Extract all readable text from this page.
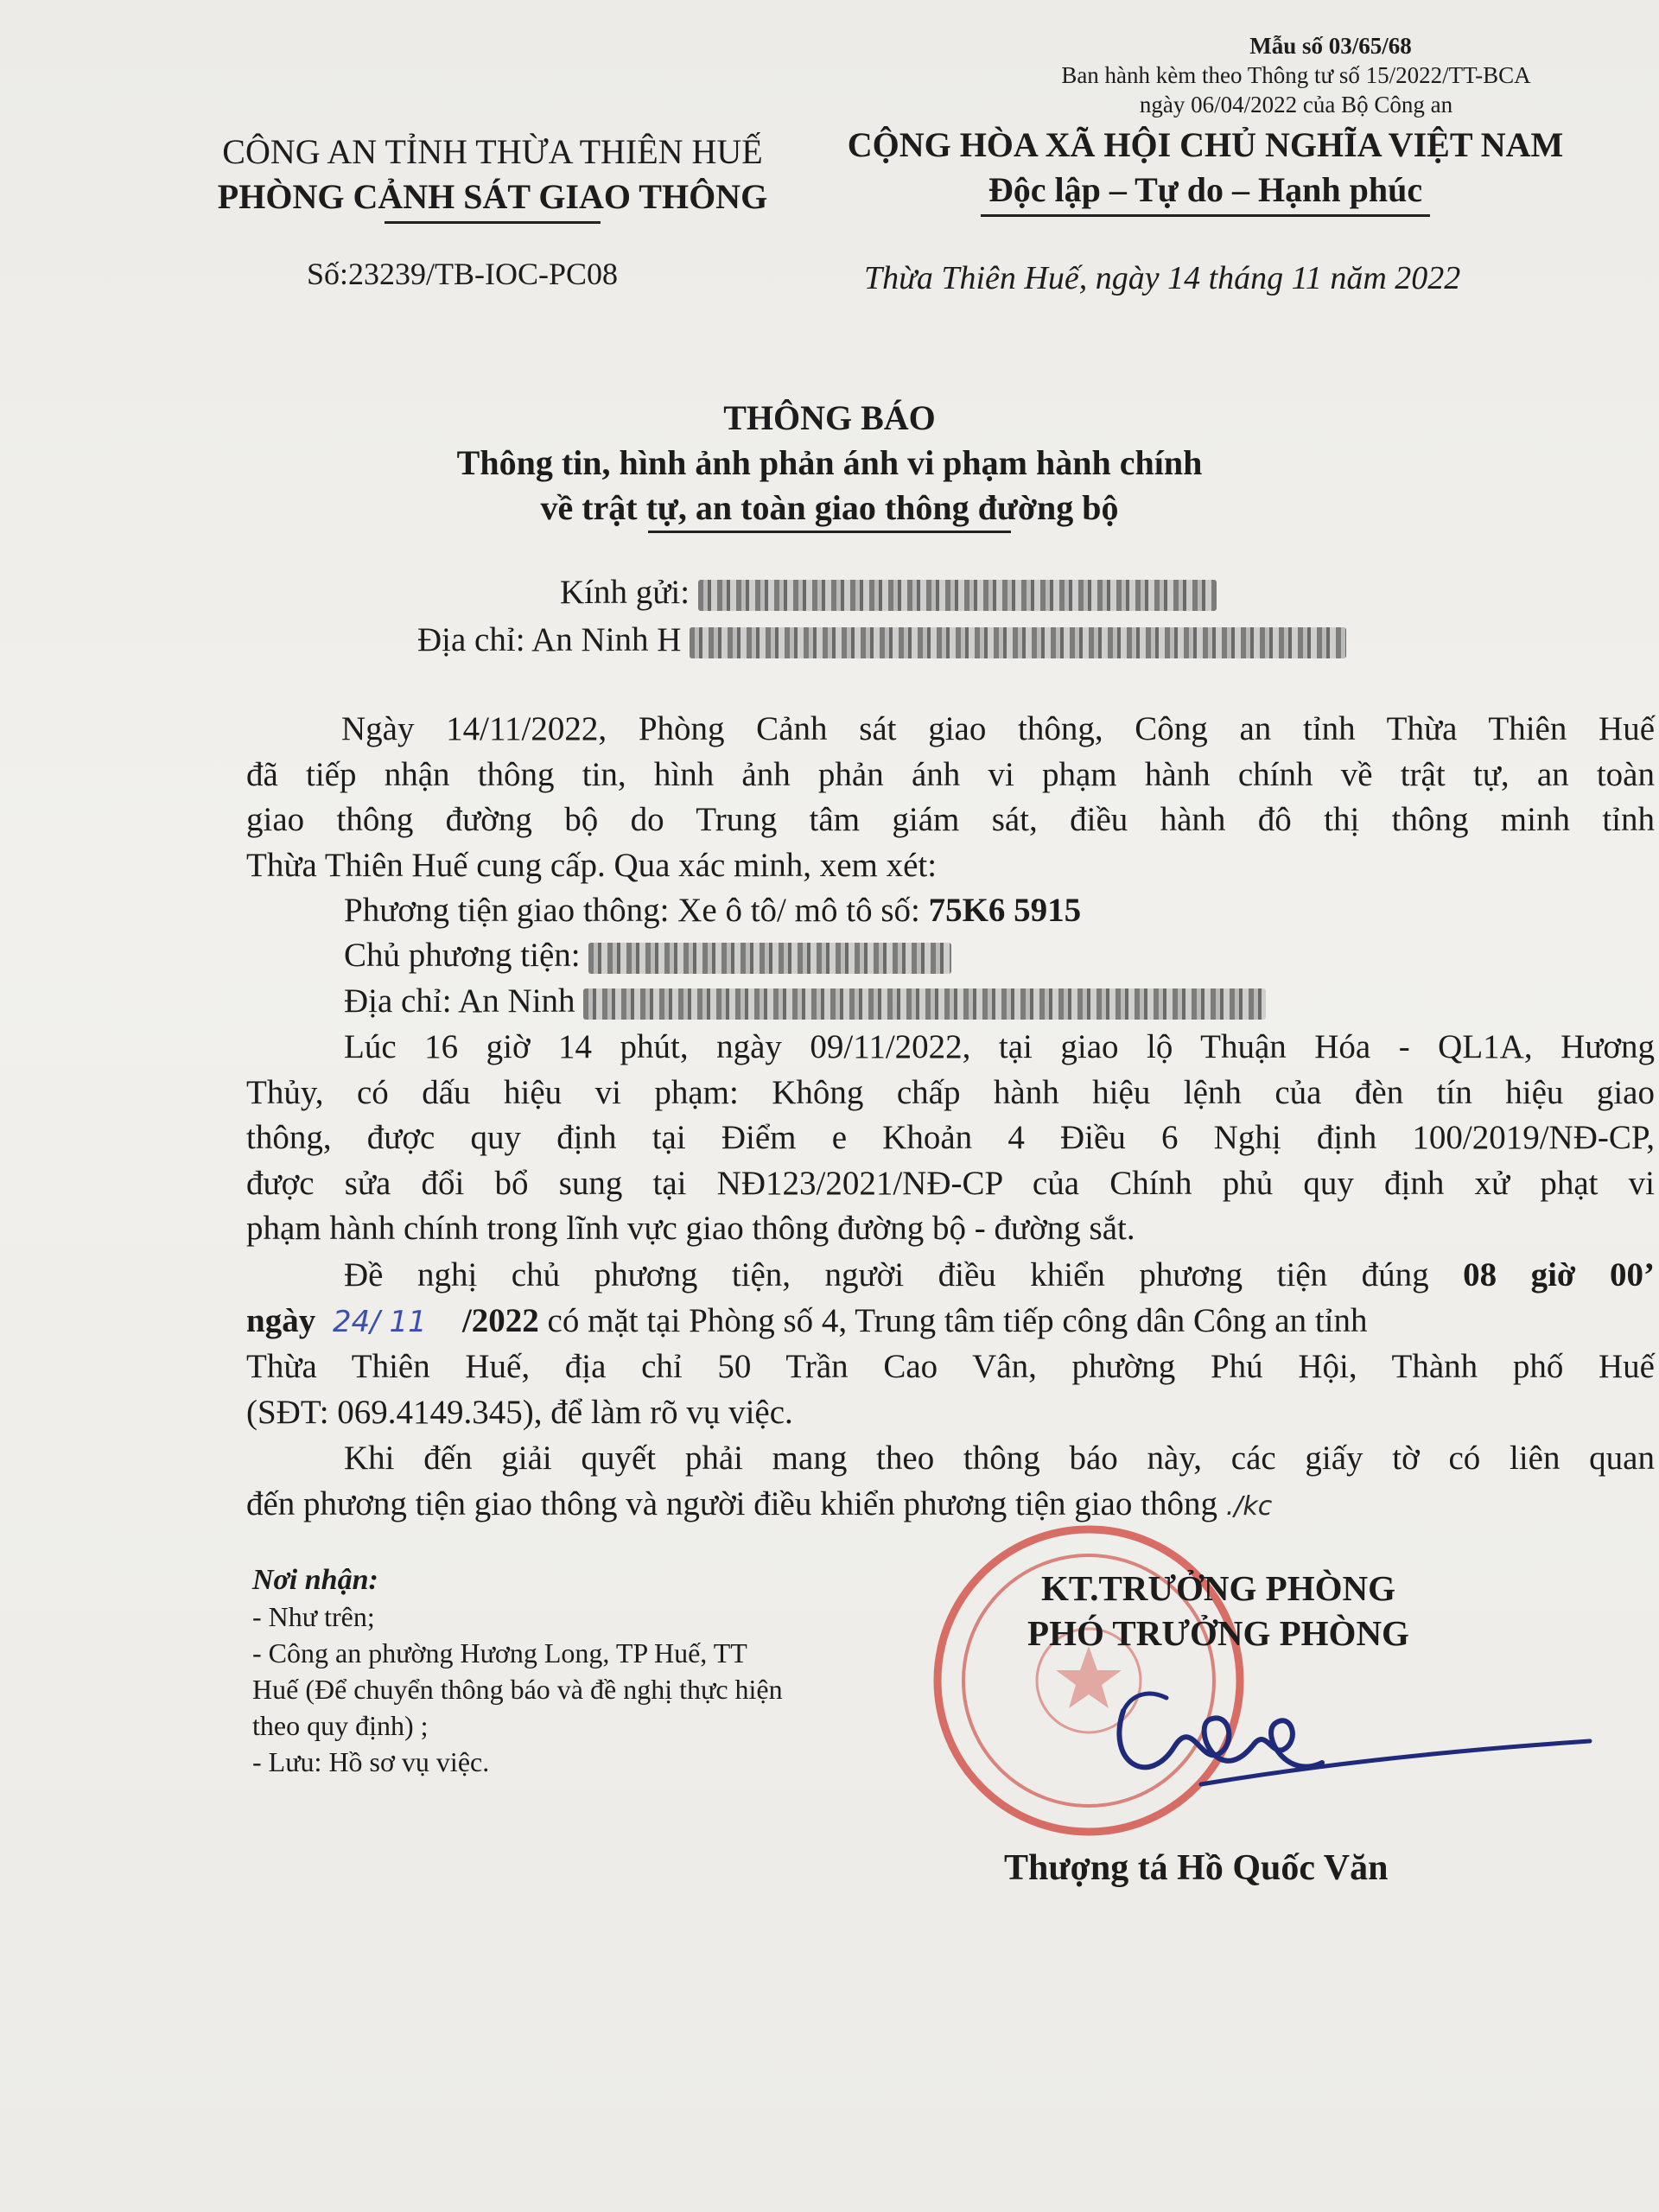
Mẫu số 03/65/68
Ban hành kèm theo Thông tư số 15/2022/TT-BCA
ngày 06/04/2022 của Bộ Công an
CÔNG AN TỈNH THỪA THIÊN HUẾ
PHÒNG CẢNH SÁT GIAO THÔNG
Số:23239/TB-IOC-PC08
CỘNG HÒA XÃ HỘI CHỦ NGHĨA VIỆT NAM
Độc lập – Tự do – Hạnh phúc
Thừa Thiên Huế, ngày 14 tháng 11 năm 2022
THÔNG BÁO
Thông tin, hình ảnh phản ánh vi phạm hành chính
về trật tự, an toàn giao thông đường bộ
Kính gửi:
Địa chỉ: An Ninh H
Ngày 14/11/2022, Phòng Cảnh sát giao thông, Công an tỉnh Thừa Thiên Huế
đã tiếp nhận thông tin, hình ảnh phản ánh vi phạm hành chính về trật tự, an toàn
giao thông đường bộ do Trung tâm giám sát, điều hành đô thị thông minh tỉnh
Thừa Thiên Huế cung cấp. Qua xác minh, xem xét:
Phương tiện giao thông: Xe ô tô/ mô tô số: 75K6 5915
Chủ phương tiện:
Địa chỉ: An Ninh
Lúc 16 giờ 14 phút, ngày 09/11/2022, tại giao lộ Thuận Hóa - QL1A, Hương
Thủy, có dấu hiệu vi phạm: Không chấp hành hiệu lệnh của đèn tín hiệu giao
thông, được quy định tại Điểm e Khoản 4 Điều 6 Nghị định 100/2019/NĐ-CP,
được sửa đổi bổ sung tại NĐ123/2021/NĐ-CP của Chính phủ quy định xử phạt vi
phạm hành chính trong lĩnh vực giao thông đường bộ - đường sắt.
Đề nghị chủ phương tiện, người điều khiển phương tiện đúng 08 giờ 00’
ngày 24/ 11 /2022 có mặt tại Phòng số 4, Trung tâm tiếp công dân Công an tỉnh
Thừa Thiên Huế, địa chỉ 50 Trần Cao Vân, phường Phú Hội, Thành phố Huế
(SĐT: 069.4149.345), để làm rõ vụ việc.
Khi đến giải quyết phải mang theo thông báo này, các giấy tờ có liên quan
đến phương tiện giao thông và người điều khiển phương tiện giao thông ./kc
Nơi nhận:
- Như trên;
- Công an phường Hương Long, TP Huế, TT
Huế (Để chuyển thông báo và đề nghị thực hiện
theo quy định) ;
- Lưu: Hồ sơ vụ việc.
KT.TRƯỞNG PHÒNG
PHÓ TRƯỞNG PHÒNG
Thượng tá Hồ Quốc Văn
